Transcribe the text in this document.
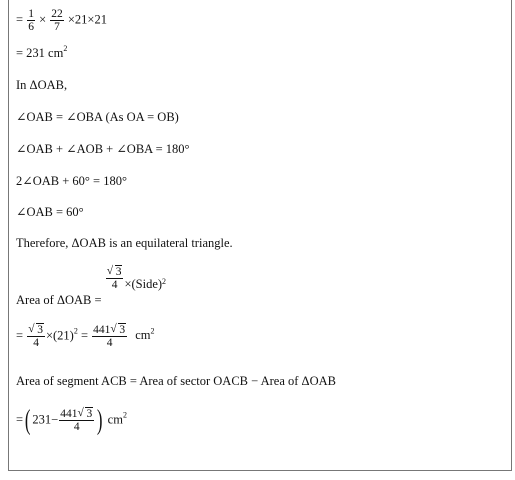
= $\frac{1}{6} \times \frac{22}{7} \times 21\times 21$
= 231 $cm^2$
In ΔOAB,
∠OAB = ∠OBA (As OA = OB)
∠OAB + ∠AOB + ∠OBA = 180°
2∠OAB + 60° = 180°
∠OAB = 60°
Therefore, ΔOAB is an equilateral triangle.
Area of ΔOAB =
√ $\frac{3}{4}$ ×(Side)$^2$
= √ $\frac{3}{4} \times(21)^2 = \frac{441 √ 3}{4} cm^2$
Area of segment ACB = Area of sector OACB − Area of ΔOAB
=( $231- \frac{441 √ 3}{4}$ ) $cm^2$
